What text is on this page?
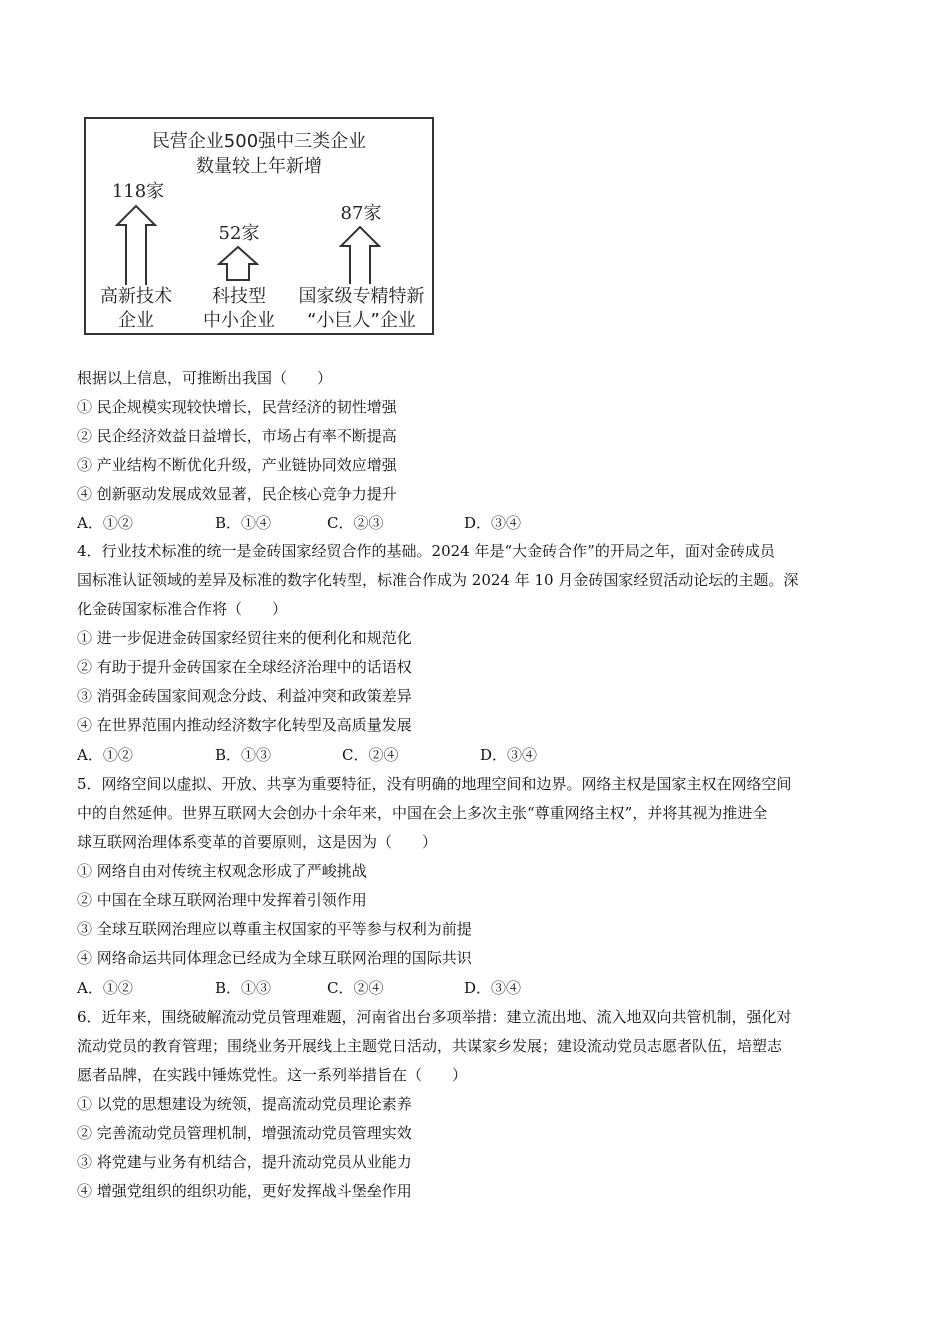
民营企业500强中三类企业
数量较上年新增
118家
高新技术
企业
52家
科技型
中小企业
87家
国家级专精特新
“小巨人”企业
根据以上信息，可推断出我国（　　）
① 民企规模实现较快增长，民营经济的韧性增强
② 民企经济效益日益增长，市场占有率不断提高
③ 产业结构不断优化升级，产业链协同效应增强
④ 创新驱动发展成效显著，民企核心竞争力提升
A．①②	B．①④	C．②③	D．③④
4．行业技术标准的统一是金砖国家经贸合作的基础。2024 年是“大金砖合作”的开局之年，面对金砖成员
国标准认证领域的差异及标准的数字化转型，标准合作成为 2024 年 10 月金砖国家经贸活动论坛的主题。深
化金砖国家标准合作将（　　）
① 进一步促进金砖国家经贸往来的便利化和规范化
② 有助于提升金砖国家在全球经济治理中的话语权
③ 消弭金砖国家间观念分歧、利益冲突和政策差异
④ 在世界范围内推动经济数字化转型及高质量发展
A．①②	B．①③	C．②④	D．③④
5．网络空间以虚拟、开放、共享为重要特征，没有明确的地理空间和边界。网络主权是国家主权在网络空间
中的自然延伸。世界互联网大会创办十余年来，中国在会上多次主张“尊重网络主权”，并将其视为推进全
球互联网治理体系变革的首要原则，这是因为（　　）
① 网络自由对传统主权观念形成了严峻挑战
② 中国在全球互联网治理中发挥着引领作用
③ 全球互联网治理应以尊重主权国家的平等参与权利为前提
④ 网络命运共同体理念已经成为全球互联网治理的国际共识
A．①②	B．①③	C．②④	D．③④
6．近年来，围绕破解流动党员管理难题，河南省出台多项举措：建立流出地、流入地双向共管机制，强化对
流动党员的教育管理；围绕业务开展线上主题党日活动，共谋家乡发展；建设流动党员志愿者队伍，培塑志
愿者品牌，在实践中锤炼党性。这一系列举措旨在（　　）
① 以党的思想建设为统领，提高流动党员理论素养
② 完善流动党员管理机制，增强流动党员管理实效
③ 将党建与业务有机结合，提升流动党员从业能力
④ 增强党组织的组织功能，更好发挥战斗堡垒作用
